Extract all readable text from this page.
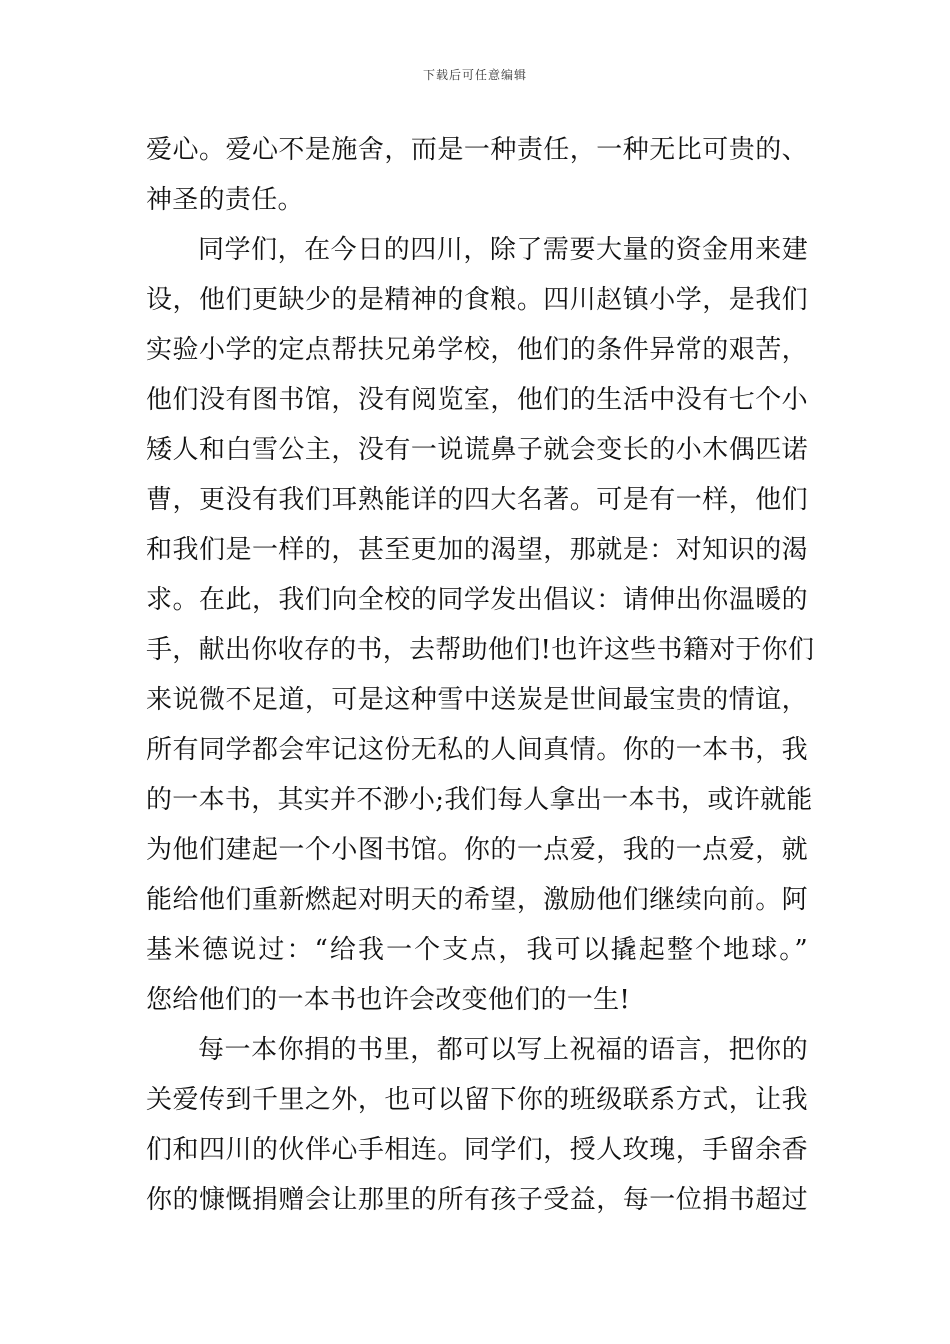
下载后可任意编辑
爱心。爱心不是施舍，而是一种责任，一种无比可贵的、
神圣的责任。
同学们，在今日的四川，除了需要大量的资金用来建
设，他们更缺少的是精神的食粮。四川赵镇小学，是我们
实验小学的定点帮扶兄弟学校，他们的条件异常的艰苦，
他们没有图书馆，没有阅览室，他们的生活中没有七个小
矮人和白雪公主，没有一说谎鼻子就会变长的小木偶匹诺
曹，更没有我们耳熟能详的四大名著。可是有一样，他们
和我们是一样的，甚至更加的渴望，那就是：对知识的渴
求。在此，我们向全校的同学发出倡议：请伸出你温暖的
手，献出你收存的书，去帮助他们!也许这些书籍对于你们
来说微不足道，可是这种雪中送炭是世间最宝贵的情谊，
所有同学都会牢记这份无私的人间真情。你的一本书，我
的一本书，其实并不渺小;我们每人拿出一本书，或许就能
为他们建起一个小图书馆。你的一点爱，我的一点爱，就
能给他们重新燃起对明天的希望，激励他们继续向前。阿
基米德说过：“给我一个支点，我可以撬起整个地球。”
您给他们的一本书也许会改变他们的一生!
每一本你捐的书里，都可以写上祝福的语言，把你的
关爱传到千里之外，也可以留下你的班级联系方式，让我
们和四川的伙伴心手相连。同学们，授人玫瑰，手留余香
你的慷慨捐赠会让那里的所有孩子受益，每一位捐书超过
